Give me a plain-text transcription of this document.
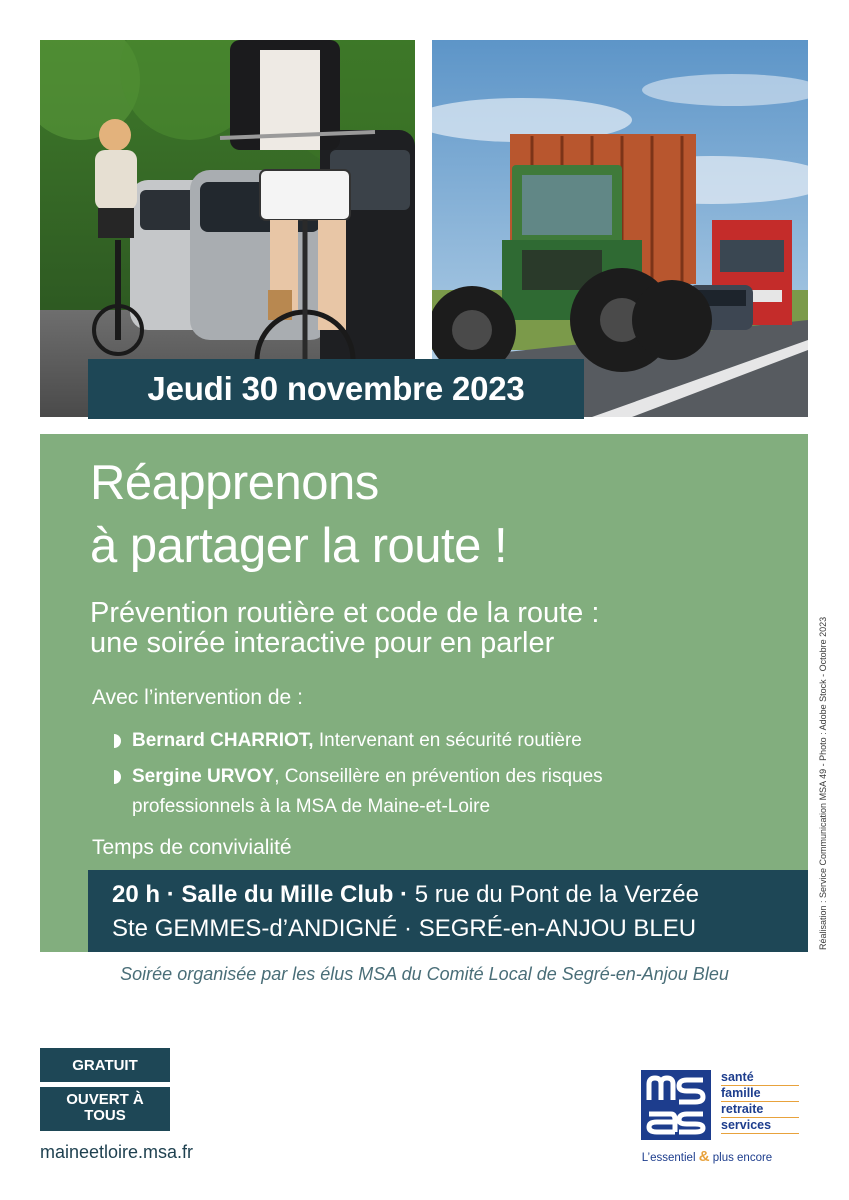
Jeudi 30 novembre 2023
Réapprenons
à partager la route !
Prévention routière et code de la route :
une soirée interactive pour en parler
Avec l’intervention de :
Bernard CHARRIOT, Intervenant en sécurité routière
Sergine URVOY, Conseillère en prévention des risques
professionnels à la MSA de Maine-et-Loire
Temps de convivialité
20 h · Salle du Mille Club · 5 rue du Pont de la Verzée
Ste GEMMES-d’ANDIGNÉ · SEGRÉ-en-ANJOU BLEU	Réalisation : Service Communication MSA 49 - Photo : Adobe Stock - Octobre 2023
Soirée organisée par les élus MSA du Comité Local de Segré-en-Anjou Bleu
GRATUIT
OUVERT À
TOUS
maineetloire.msa.fr
santé
famille
retraite
services
L’essentiel & plus encore
